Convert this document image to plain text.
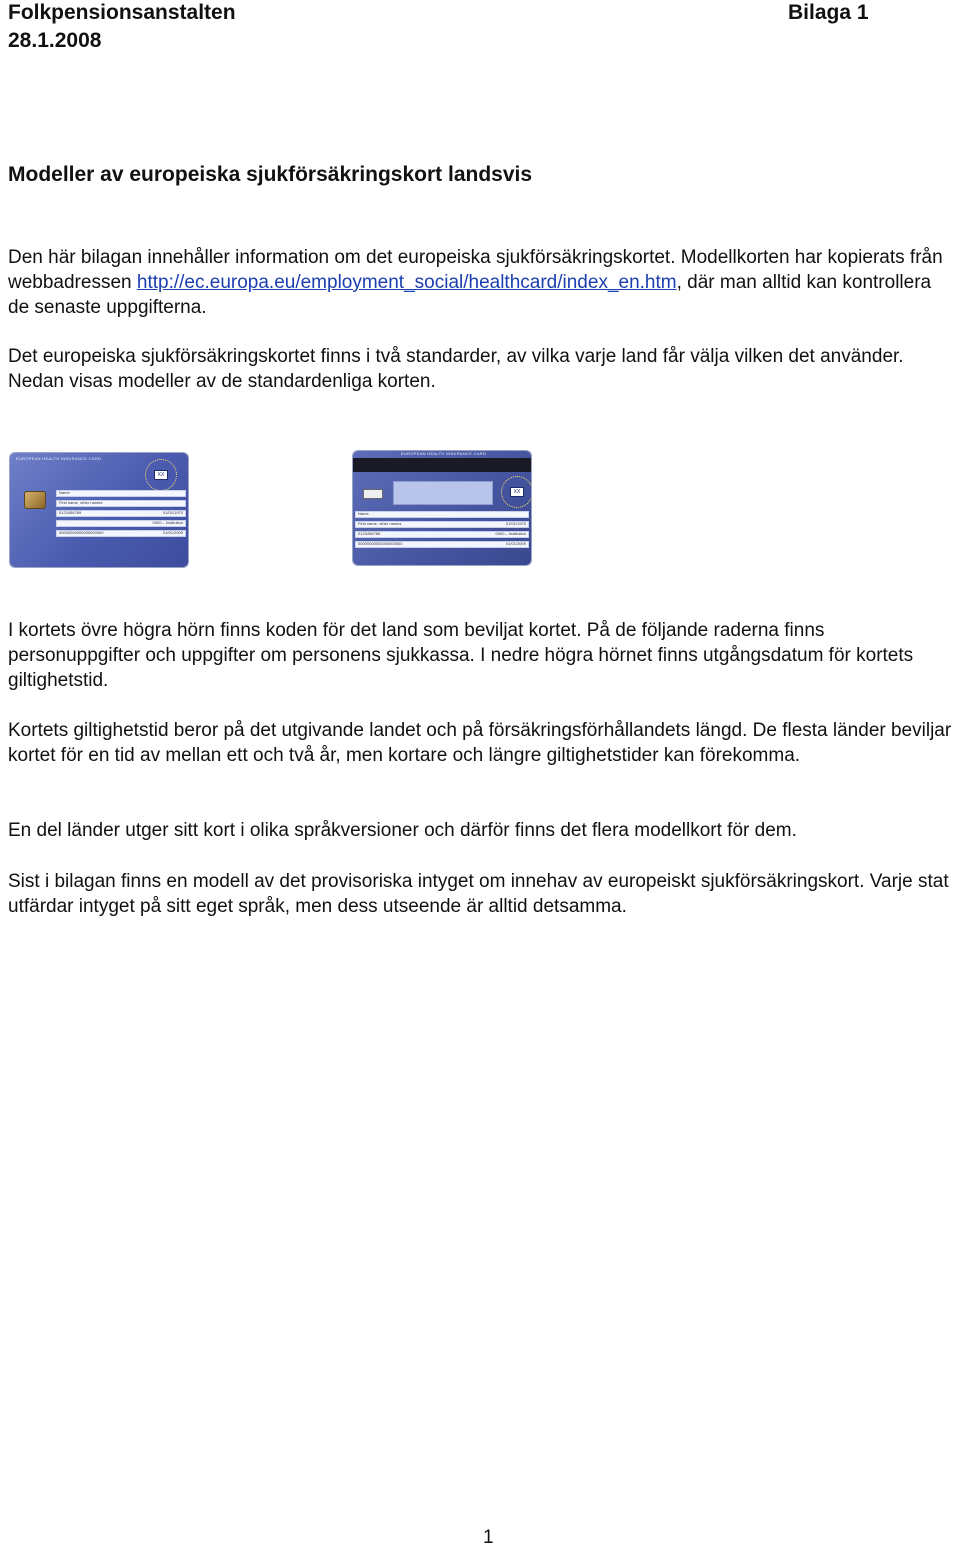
Folkpensionsanstalten
28.1.2008
Bilaga 1
Modeller av europeiska sjukförsäkringskort landsvis

Den här bilagan innehåller information om det europeiska sjukförsäkringskortet. Modellkorten har kopierats från webbadressen http://ec.europa.eu/employment_social/healthcard/index_en.htm, där man alltid kan kontrollera de senaste uppgifterna.

Det europeiska sjukförsäkringskortet finns i två standarder, av vilka varje land får välja vilken det använder. Nedan visas modeller av de standardenliga korten.

EUROPEAN HEALTH INSURANCE CARD
XX
Name
First name, other names
0123456789	01/01/1970
0000 – Institution
00000000000000000000	01/01/2009
EUROPEAN HEALTH INSURANCE CARD
XX
Name
First name, other names	01/01/1970
0123456789	0000 – Institution
00000000000000000000	01/01/2009

I kortets övre högra hörn finns koden för det land som beviljat kortet. På de följande raderna finns personuppgifter och uppgifter om personens sjukkassa. I nedre högra hörnet finns utgångsdatum för kortets giltighetstid.

Kortets giltighetstid beror på det utgivande landet och på försäkringsförhållandets längd. De flesta länder beviljar kortet för en tid av mellan ett och två år, men kortare och längre giltighetstider kan förekomma.

En del länder utger sitt kort i olika språkversioner och därför finns det flera modellkort för dem.

Sist i bilagan finns en modell av det provisoriska intyget om innehav av europeiskt sjukförsäkringskort. Varje stat utfärdar intyget på sitt eget språk, men dess utseende är alltid detsamma.

1
